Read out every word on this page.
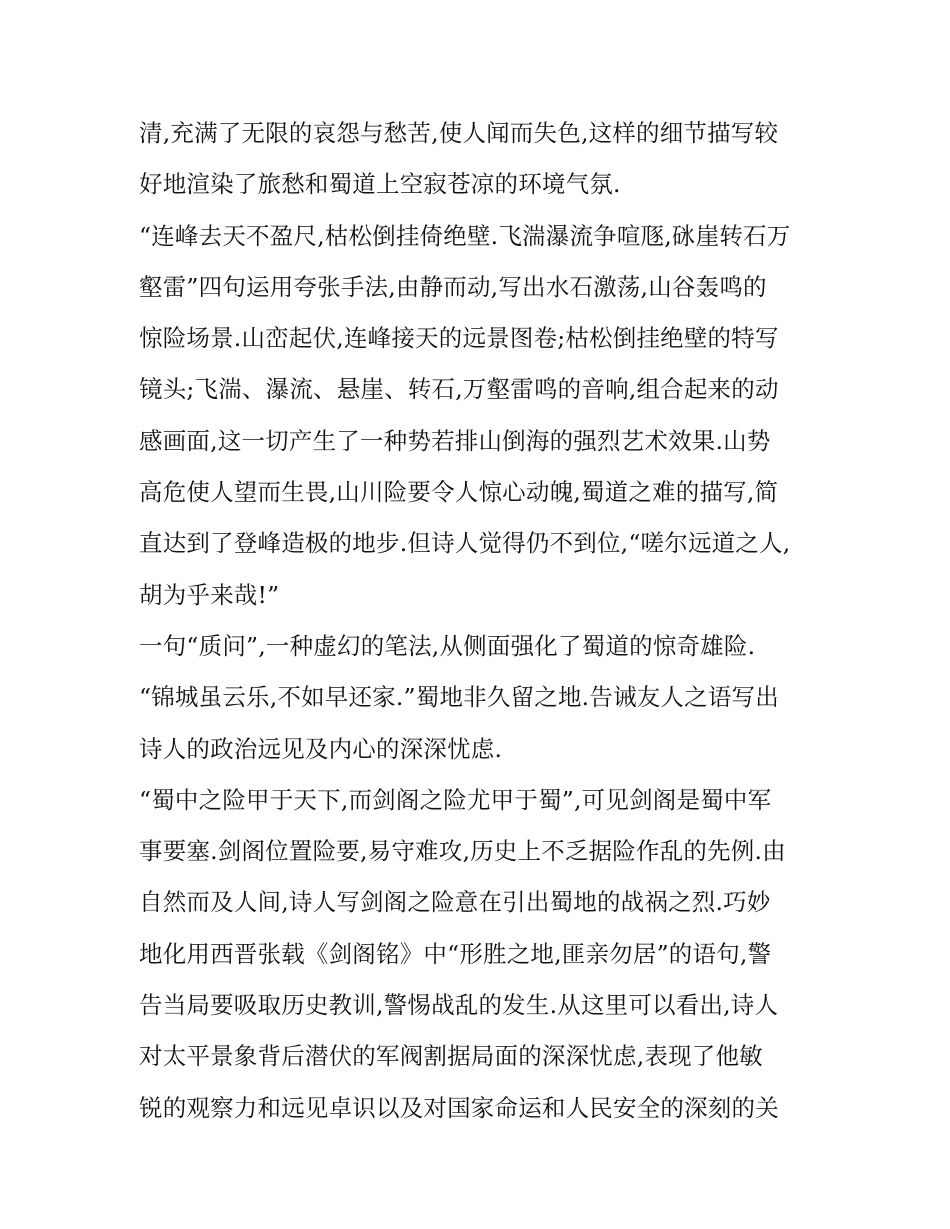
清,充满了无限的哀怨与愁苦,使人闻而失色,这样的细节描写较
好地渲染了旅愁和蜀道上空寂苍凉的环境气氛.
“连峰去天不盈尺,枯松倒挂倚绝壁.飞湍瀑流争喧豗,砯崖转石万
壑雷”四句运用夸张手法,由静而动,写出水石激荡,山谷轰鸣的
惊险场景.山峦起伏,连峰接天的远景图卷;枯松倒挂绝壁的特写
镜头;飞湍、瀑流、悬崖、转石,万壑雷鸣的音响,组合起来的动
感画面,这一切产生了一种势若排山倒海的强烈艺术效果.山势
高危使人望而生畏,山川险要令人惊心动魄,蜀道之难的描写,简
直达到了登峰造极的地步.但诗人觉得仍不到位,“嗟尔远道之人,
胡为乎来哉!”
一句“质问”,一种虚幻的笔法,从侧面强化了蜀道的惊奇雄险.
“锦城虽云乐,不如早还家.”蜀地非久留之地.告诫友人之语写出
诗人的政治远见及内心的深深忧虑.
“蜀中之险甲于天下,而剑阁之险尤甲于蜀”,可见剑阁是蜀中军
事要塞.剑阁位置险要,易守难攻,历史上不乏据险作乱的先例.由
自然而及人间,诗人写剑阁之险意在引出蜀地的战祸之烈.巧妙
地化用西晋张载《剑阁铭》中“形胜之地,匪亲勿居”的语句,警
告当局要吸取历史教训,警惕战乱的发生.从这里可以看出,诗人
对太平景象背后潜伏的军阀割据局面的深深忧虑,表现了他敏
锐的观察力和远见卓识以及对国家命运和人民安全的深刻的关
